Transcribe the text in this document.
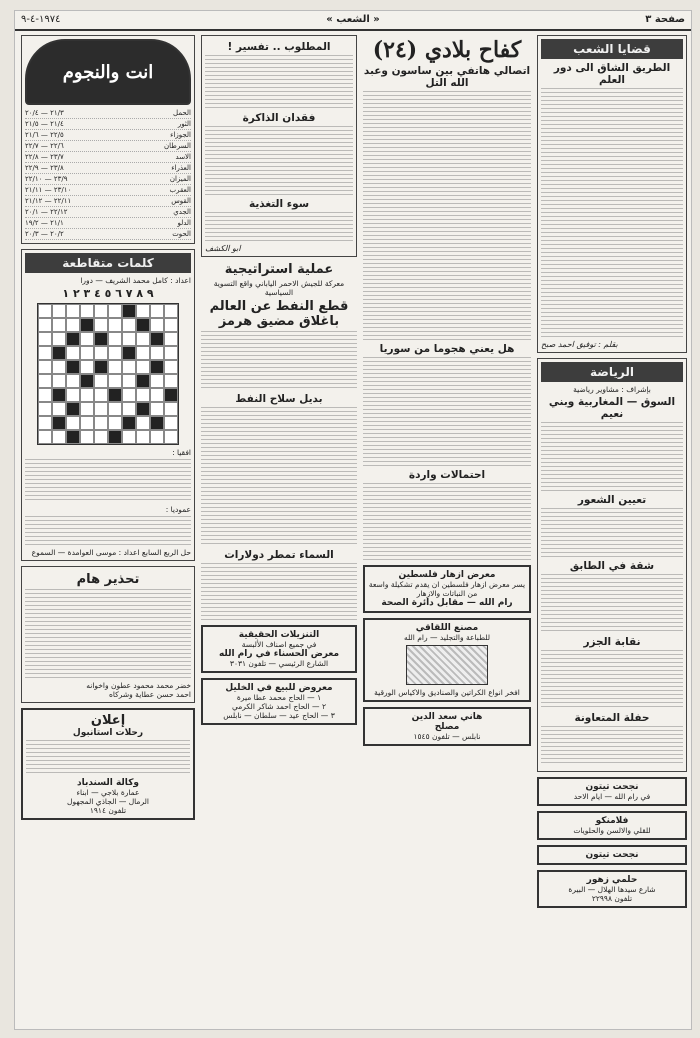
صفحة ٣
« الشعب »
١٩٧٤-٤-٩
قضايا الشعب
الطريق الشاق الى دور العلم
بقلم : توفيق احمد صبح
الرياضة
بإشراف : مشاوير رياضية
السوق — المغاربية وبني نعيم
تعيين الشعور
شقة في الطابق
نقابة الجزر
حفلة المتعاونة
نجحت تيتون
في رام الله — ايام الاحد
فلامنكو
للقلي والالسن والحلويات
نجحت تيتون
حلمي زهور
شارع سيدها الهلال — البيرة
تلفون ٢٢٩٩٨
كفاح بلادي (٢٤)
اتصالي هاتفي بين ساسون وعبد الله التل
هل يعني هجوما من سوريا
احتمالات واردة
معرض ازهار فلسطين
يسر معرض ازهار فلسطين ان يقدم تشكيلة واسعة من النباتات والازهار
رام الله — مقابل دائرة الصحة
مصنع اللقاقي
للطباعة والتجليد — رام الله
افخر انواع الكراتين والصناديق والاكياس الورقية
هاني سعد الدين
مصلح
نابلس — تلفون ١٥٤٥
المطلوب .. تفسير !
فقدان الذاكرة
سوء التغذية
ابو الكشف
عملية استراتيجية
معركة للجيش الاحمر الياباني واقع التسوية السياسية
قطع النفط عن العالم باغلاق مضيق هرمز
بديل سلاح النفط
السماء تمطر دولارات
التنزيلات الحقيقية
في جميع اصناف الألبسة
معرض الحسناء في رام الله
الشارع الرئيسي — تلفون ٣٠٣١
معروض للبيع في الخليل
١ — الحاج محمد عطا ميرة
٢ — الحاج احمد شاكر الكرمي
٣ — الحاج عيد — سلطان — نابلس
انت والنجوم
الحمل
٢١/٣ — ٢٠/٤
الثور
٢١/٤ — ٢١/٥
الجوزاء
٢٢/٥ — ٢١/٦
السرطان
٢٢/٦ — ٢٢/٧
الاسد
٢٣/٧ — ٢٢/٨
العذراء
٢٣/٨ — ٢٢/٩
الميزان
٢٣/٩ — ٢٢/١٠
العقرب
٢٣/١٠ — ٢١/١١
القوس
٢٢/١١ — ٢١/١٢
الجدي
٢٢/١٢ — ٢٠/١
الدلو
٢١/١ — ١٩/٢
الحوت
٢٠/٢ — ٢٠/٣
كلمات متقاطعة
اعداد : كامل محمد الشريف — دورا
٩ ٨ ٧ ٦ ٥ ٤ ٣ ٢ ١
افقيا :
عموديا :
حل الربع السابع اعداد : موسى العوامدة — السموع
تحذير هام
خضر محمد محمود عطون واخوانه
احمد حسن عطاية وشركاه
إعلان
رحلات استانبول
وكالة السندباد
عمارة بلاجي — ابناء
الرمال — الجاذي المجهول
تلفون ١٩١٤
